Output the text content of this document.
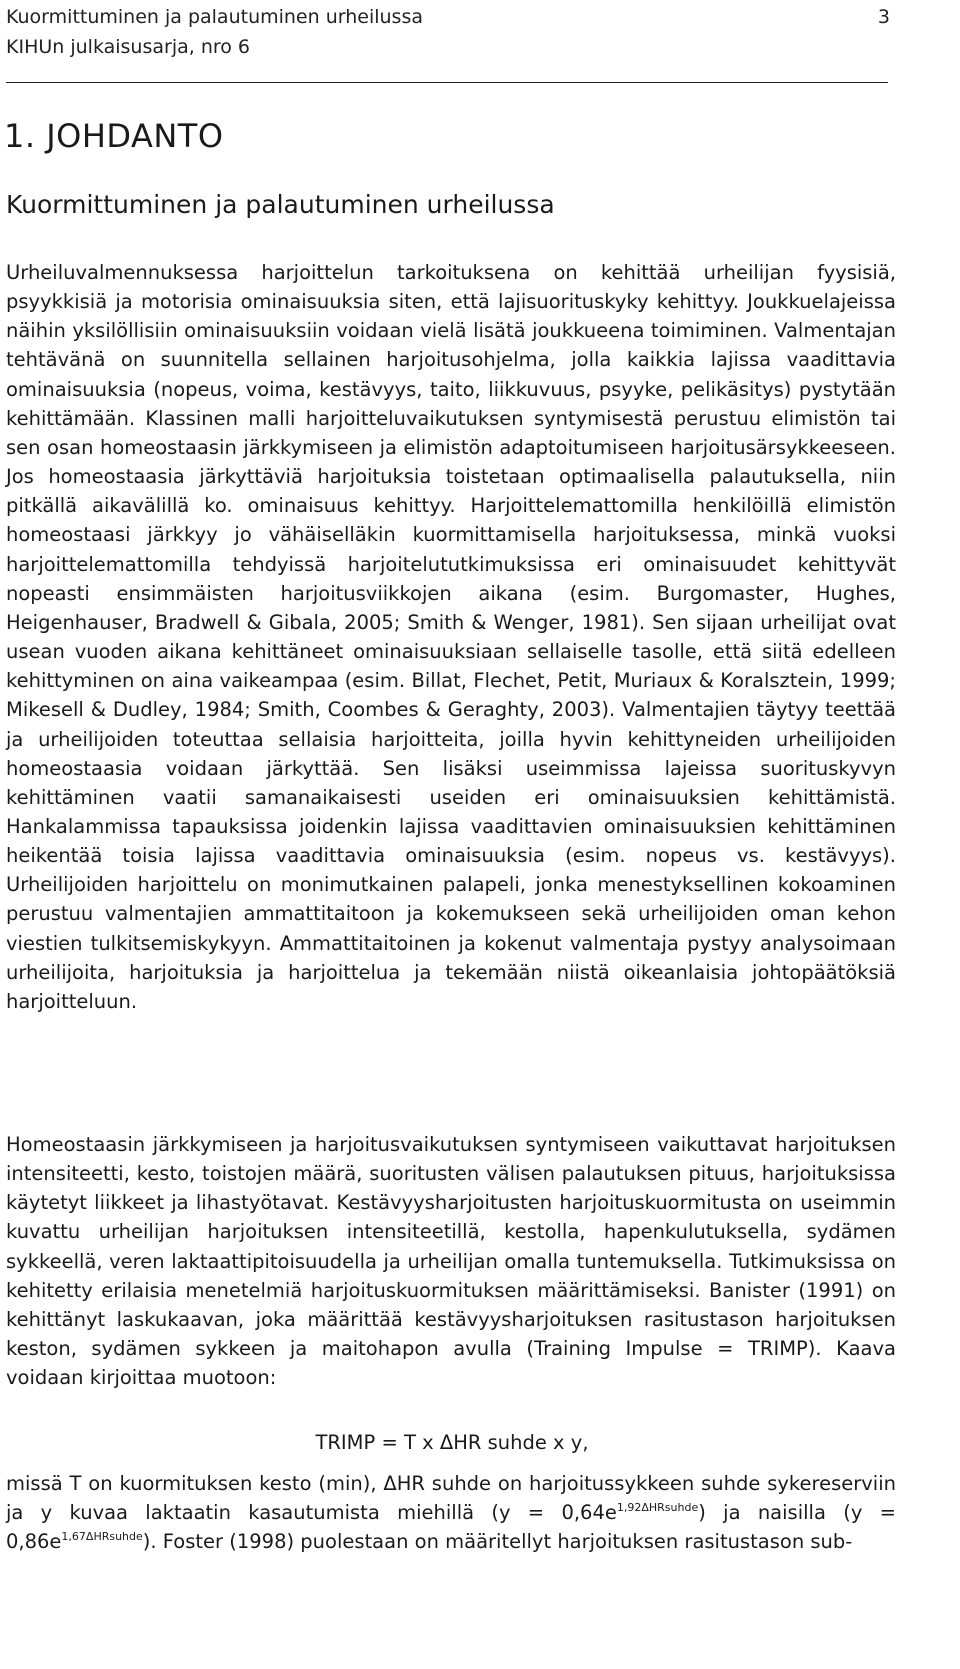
Kuormittuminen ja palautuminen urheilussa	3
KIHUn julkaisusarja, nro 6
1. JOHDANTO
Kuormittuminen ja palautuminen urheilussa

Urheiluvalmennuksessa harjoittelun tarkoituksena on kehittää urheilijan fyysisiä, psyykkisiä ja motorisia ominaisuuksia siten, että lajisuorituskyky kehittyy. Joukkuelajeissa näihin yksilöllisiin ominaisuuksiin voidaan vielä lisätä joukkueena toimiminen. Valmentajan tehtävänä on suunnitella sellainen harjoitusohjelma, jolla kaikkia lajissa vaadittavia ominaisuuksia (nopeus, voima, kestävyys, taito, liikkuvuus, psyyke, pelikäsitys) pystytään kehittämään. Klassinen malli harjoitteluvaikutuksen syntymisestä perustuu elimistön tai sen osan homeostaasin järkkymiseen ja elimistön adaptoitumiseen harjoitusärsykkeeseen. Jos homeostaasia järkyttäviä harjoituksia toistetaan optimaalisella palautuksella, niin pitkällä aikavälillä ko. ominaisuus kehittyy. Harjoittelemattomilla henkilöillä elimistön homeostaasi järkkyy jo vähäiselläkin kuormittamisella harjoituksessa, minkä vuoksi harjoittelemattomilla tehdyissä harjoitelututkimuksissa eri ominaisuudet kehittyvät nopeasti ensimmäisten harjoitusviikkojen aikana (esim. Burgomaster, Hughes, Heigenhauser, Bradwell & Gibala, 2005; Smith & Wenger, 1981). Sen sijaan urheilijat ovat usean vuoden aikana kehittäneet ominaisuuksiaan sellaiselle tasolle, että siitä edelleen kehittyminen on aina vaikeampaa (esim. Billat, Flechet, Petit, Muriaux & Koralsztein, 1999; Mikesell & Dudley, 1984; Smith, Coombes & Geraghty, 2003). Valmentajien täytyy teettää ja urheilijoiden toteuttaa sellaisia harjoitteita, joilla hyvin kehittyneiden urheilijoiden homeostaasia voidaan järkyttää. Sen lisäksi useimmissa lajeissa suorituskyvyn kehittäminen vaatii samanaikaisesti useiden eri ominaisuuksien kehittämistä. Hankalammissa tapauksissa joidenkin lajissa vaadittavien ominaisuuksien kehittäminen heikentää toisia lajissa vaadittavia ominaisuuksia (esim. nopeus vs. kestävyys). Urheilijoiden harjoittelu on monimutkainen palapeli, jonka menestyksellinen kokoaminen perustuu valmentajien ammattitaitoon ja kokemukseen sekä urheilijoiden oman kehon viestien tulkitsemiskykyyn. Ammattitaitoinen ja kokenut valmentaja pystyy analysoimaan urheilijoita, harjoituksia ja harjoittelua ja tekemään niistä oikeanlaisia johtopäätöksiä harjoitteluun.

Homeostaasin järkkymiseen ja harjoitusvaikutuksen syntymiseen vaikuttavat harjoituksen intensiteetti, kesto, toistojen määrä, suoritusten välisen palautuksen pituus, harjoituksissa käytetyt liikkeet ja lihastyötavat. Kestävyysharjoitusten harjoituskuormitusta on useimmin kuvattu urheilijan harjoituksen intensiteetillä, kestolla, hapenkulutuksella, sydämen sykkeellä, veren laktaattipitoisuudella ja urheilijan omalla tuntemuksella. Tutkimuksissa on kehitetty erilaisia menetelmiä harjoituskuormituksen määrittämiseksi. Banister (1991) on kehittänyt laskukaavan, joka määrittää kestävyysharjoituksen rasitustason harjoituksen keston, sydämen sykkeen ja maitohapon avulla (Training Impulse = TRIMP). Kaava voidaan kirjoittaa muotoon:

TRIMP = T x ΔHR suhde x y,

missä T on kuormituksen kesto (min), ΔHR suhde on harjoitussykkeen suhde sykereserviin ja y kuvaa laktaatin kasautumista miehillä $(y = 0,64e^{1,92\Delta HRsuhde})$ ja naisilla $(y = 0,86e^{1,67\Delta HRsuhde})$. Foster (1998) puolestaan on määritellyt harjoituksen rasitustason sub-
